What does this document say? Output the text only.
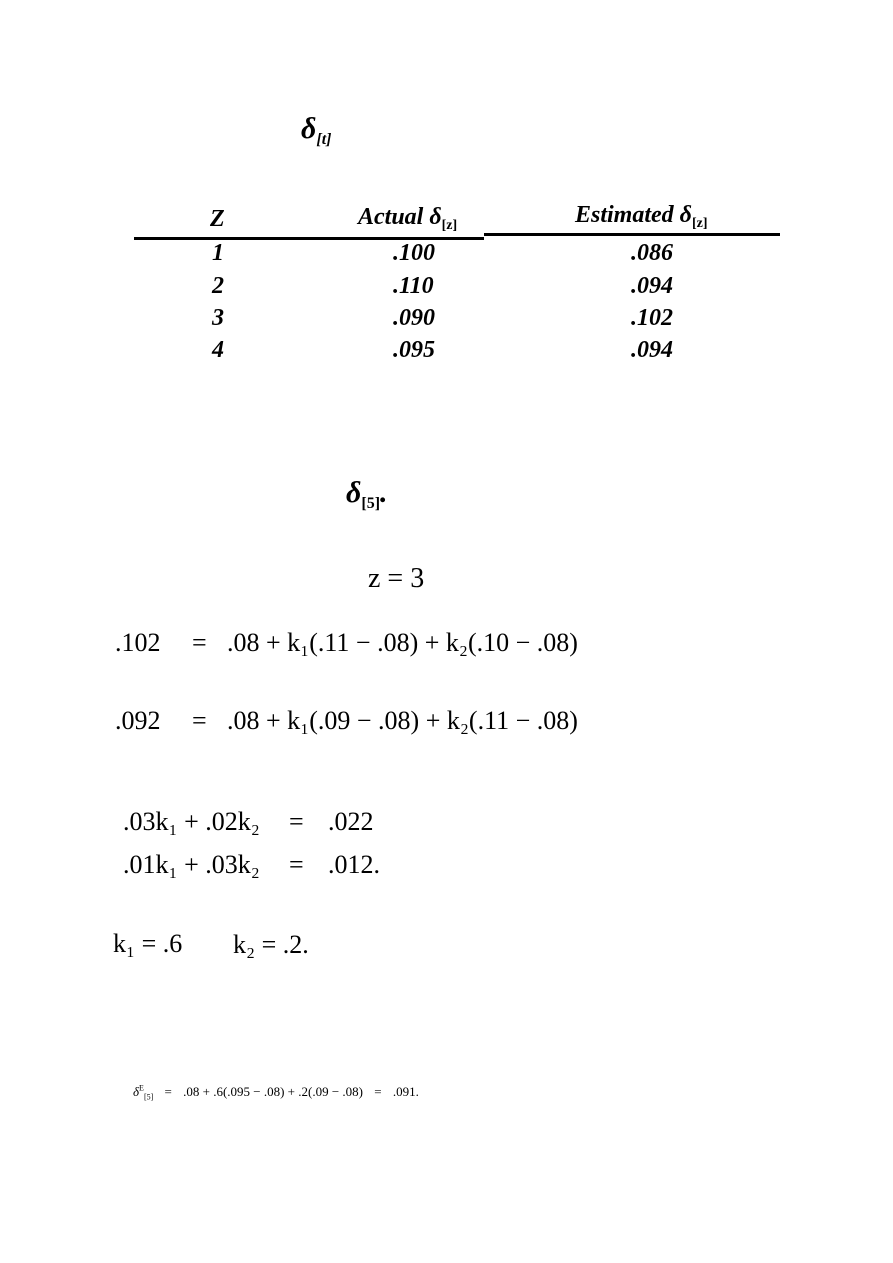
$\delta_{[t]}$
Z	Actual $\delta_{[z]}$	Estimated $\delta_{[z]}$
1	.100	.086
2	.110	.094
3	.090	.102
4	.095	.094
$\delta_{[5]}$.
z = 3
.102 = .08 + k₁(.11 − .08) + k₂(.10 − .08)
.092 = .08 + k₁(.09 − .08) + k₂(.11 − .08)
.03k₁ + .02k₂ = .022
.01k₁ + .03k₂ = .012.
k₁ = .6 k₂ = .2.
$\delta^E_{[5]} = .08 + .6(.095 - .08) + .2(.09 - .08) = .091$.
